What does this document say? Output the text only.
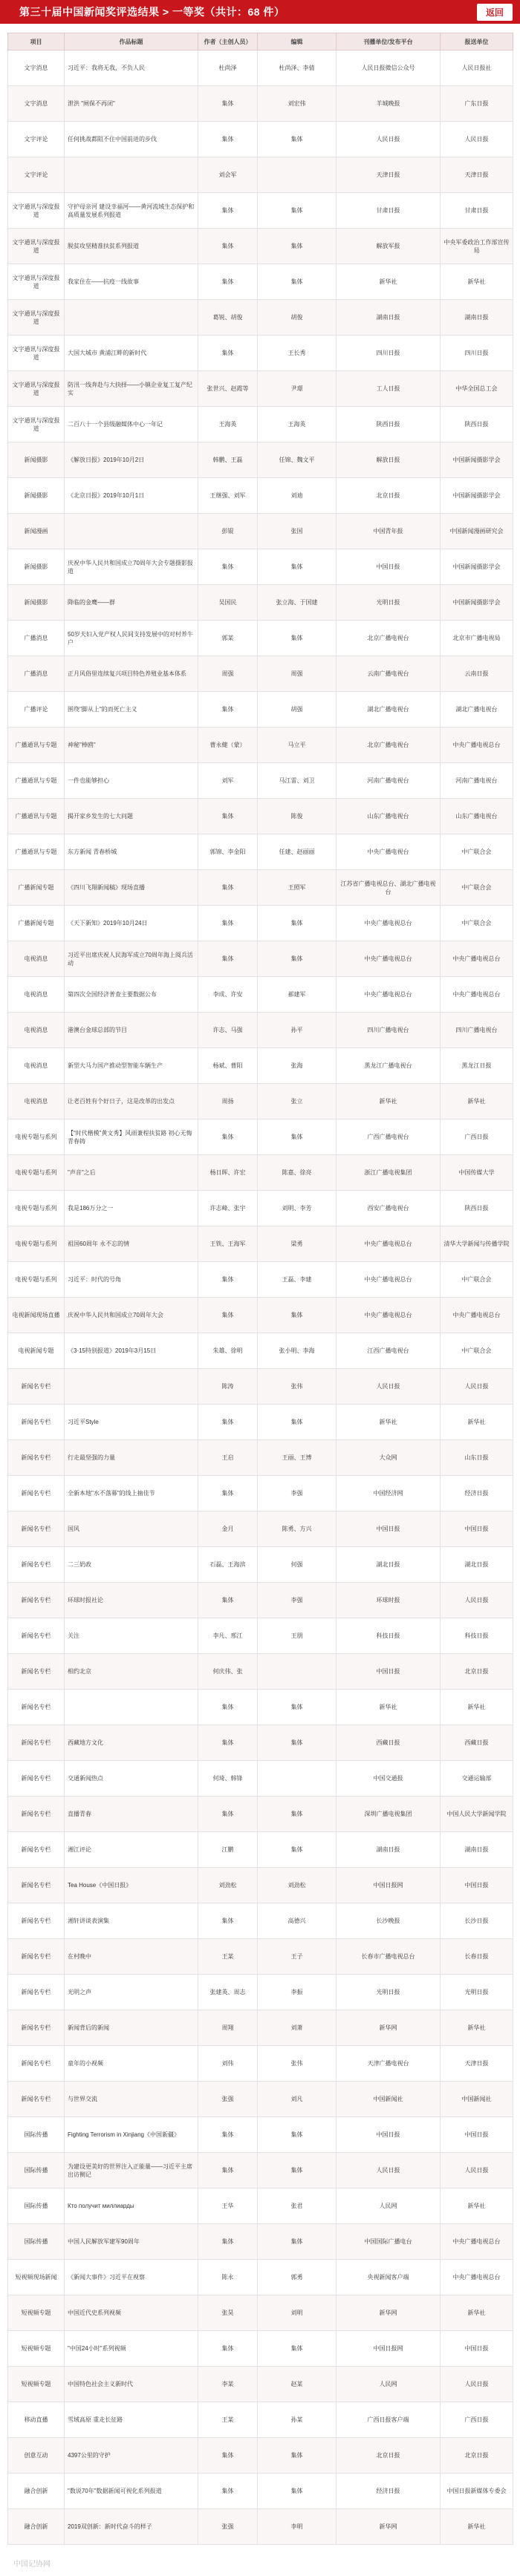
第三十届中国新闻奖评选结果 > 一等奖（共计：68 件）	返回
项目	作品标题	作者（主创人员）	编辑	刊播单位/发布平台	报送单位
文字消息	习近平：我将无我，不负人民	杜尚泽	杜尚泽、李倩	人民日报微信公众号	人民日报社
文字消息	泄洪 "闸保不再闭"	集体	刘宏伟	羊城晚报	广东日报
文字评论	任何挑战都阻不住中国前进的步伐	集体	集体	人民日报	人民日报
文字评论		刘会军		天津日报	天津日报
文字通讯与深度报道	守护母亲河 建设幸福河——黄河流域生态保护和高质量发展系列报道	集体	集体	甘肃日报	甘肃日报
文字通讯与深度报道	脱贫攻坚精准扶贫系列报道	集体	集体	解放军报	中央军委政治工作部宣传局
文字通讯与深度报道	我家住在——抗疫一线故事	集体	集体	新华社	新华社
文字通讯与深度报道		葛锐、胡俊	胡俊	湖南日报	湖南日报
文字通讯与深度报道	大国大城市 黄浦江畔的新时代	集体	王长秀	四川日报	四川日报
文字通讯与深度报道	防汛一线奔赴与大抉择——小镇企业复工复产纪实	张世兴、赵霞等	尹璟	工人日报	中华全国总工会
文字通讯与深度报道	二百八十一个县级融媒体中心一年记	王海英	王海英	陕西日报	陕西日报
新闻摄影	《解放日报》2019年10月2日	韩鹏、王磊	任锦、魏文平	解放日报	中国新闻摄影学会
新闻摄影	《北京日报》2019年10月1日	王继强、刘军	刘迪	北京日报	中国新闻摄影学会
新闻漫画		彭锟	张国	中国青年报	中国新闻漫画研究会
新闻摄影	庆祝中华人民共和国成立70周年大会专题摄影报道	集体	集体	中国日报	中国新闻摄影学会
新闻摄影	降临的金鹰——群	吴国民	张立海、于国建	光明日报	中国新闻摄影学会
广播消息	50岁夫妇入党产权人民间支持发展中的对村养牛户	郭某	集体	北京广播电视台	北京市广播电视局
广播消息	正月风俗里连续复兴项目特色养殖业基本体系	周强	周强	云南广播电视台	云南日报
广播评论	围绕"脚从上"的而死亡主义	集体	胡强	湖北广播电视台	湖北广播电视台
广播通讯与专题	神秘"棒鸥"	曹永健（蒙）	马立平	北京广播电视台	中央广播电视总台
广播通讯与专题	一件也能够担心	刘军	马江雷、刘卫	河南广播电视台	河南广播电视台
广播通讯与专题	揭开家乡发生的七大问题	集体	陈俊	山东广播电视台	山东广播电视台
广播通讯与专题	东方新闻 青春桥城	郭锦、李金阳	任建、赵丽丽	中央广播电视台	中广联合会
广播新闻专题	《四川飞翔新闻稿》现场直播	集体	王照军	江苏省广播电视总台、湖北广播电视台	中广联合会
广播新闻专题	《天下新知》2019年10月24日	集体	集体	中央广播电视总台	中广联合会
电视消息	习近平出席庆祝人民海军成立70周年海上阅兵活动	集体	集体	中央广播电视总台	中央广播电视总台
电视消息	第四次全国经济普查主要数据公布	李成、许安	郝建军	中央广播电视总台	中央广播电视总台
电视消息	港澳台金球总部的节目	许志、马强	孙平	四川广播电视台	四川广播电视台
电视消息	新型大马力国产推动型智能车辆生产	杨斌、曹阳	张海	黑龙江广播电视台	黑龙江日报
电视消息	让老百姓有个好日子，这是改革的出发点	周扬	张立	新华社	新华社
电视专题与系列	【“时代楷模”黄文秀】风雨兼程扶贫路 初心无悔青春铸	集体	集体	广西广播电视台	广西日报
电视专题与系列	"声音"之后	杨日晖、许宏	陈嘉、徐亮	浙江广播电视集团	中国传媒大学
电视专题与系列	我是186万分之一	许志峰、张宇	刘明、李芳	西安广播电视台	陕西日报
电视专题与系列	祖国60周年 永不忘的情	王铁、王海军	梁勇	中央广播电视总台	清华大学新闻与传播学院
电视专题与系列	习近平：时代的号角	集体	王磊、李建	中央广播电视总台	中广联合会
电视新闻现场直播	庆祝中华人民共和国成立70周年大会	集体	集体	中央广播电视总台	中央广播电视总台
电视新闻专题	《3·15特别报道》2019年3月15日	朱雄、徐明	张小明、李海	江西广播电视台	中广联合会
新闻名专栏		陈涛	张伟	人民日报	人民日报
新闻名专栏	习近平Style	集体	集体	新华社	新华社
新闻名专栏	行走最坚强的力量	王启	王丽、王博	大众网	山东日报
新闻名专栏	全新本地"水不落幕"的线上抽佳节	集体	李强	中国经济网	经济日报
新闻名专栏	国风	金月	陈勇、方兴	中国日报	中国日报
新闻名专栏	二三奶政	石磊、王海滨	何强	湖北日报	湖北日报
新闻名专栏	环球时报社论	集体	李强	环球时报	人民日报
新闻名专栏	关注	李凡、邢江	王朋	科技日报	科技日报
新闻名专栏	相约北京	何庆伟、张		中国日报	北京日报
新闻名专栏		集体	集体	新华社	新华社
新闻名专栏	西藏地方文化	集体	集体	西藏日报	西藏日报
新闻名专栏	交通新闻热点	何琦、韩锋		中国交通报	交通运输部
新闻名专栏	直播青春	集体	集体	深圳广播电视集团	中国人民大学新闻学院
新闻名专栏	湘江评论	江鹏	集体	湖南日报	湖南日报
新闻名专栏	Tea House《中国日报》	刘劲松	刘劲松	中国日报网	中国日报
新闻名专栏	湘轩讲谈表演集	集体	高德兴	长沙晚报	长沙日报
新闻名专栏	在村晚中	王某	王子	长春市广播电视总台	长春日报
新闻名专栏	光明之声	张建英、周志	李振	光明日报	光明日报
新闻名专栏	新闻背后的新闻	周翔	刘萧	新华网	新华社
新闻名专栏	童年的小视频	刘伟	张伟	天津广播电视台	天津日报
新闻名专栏	与世界交流	张强	刘凡	中国新闻社	中国新闻社
国际传播	Fighting Terrorism in Xinjiang《中国新疆》	集体	集体	中国日报	中国日报
国际传播	为建设更美好的世界注入正能量——习近平主席出访侧记	集体	集体	人民日报	人民日报
国际传播	Кто получит миллиарды	王华	张君	人民网	新华社
国际传播	中国人民解放军建军90周年	集体	集体	中国国际广播电台	中央广播电视总台
短视频现场新闻	《新闻大事件》习近平在视察	陈永	郭勇	央视新闻客户端	中央广播电视总台
短视频专题	中国近代史系列视频	张昊	刘明	新华网	新华社
短视频专题	"中国24小时"系列视频	集体	集体	中国日报网	中国日报
短视频专题	中国特色社会主义新时代	李某	赵某	人民网	人民日报
移动直播	雪域高原 重走长征路	王某	孙某	广西日报客户端	广西日报
创意互动	4397公里的守护	集体	集体	北京日报	北京日报
融合创新	"数说70年"数据新闻可视化系列报道	集体	集体	经济日报	中国日报新媒体专委会
融合创新	2019双创新：新时代奋斗的样子	张强	李明	新华网	新华社
中国记协网
